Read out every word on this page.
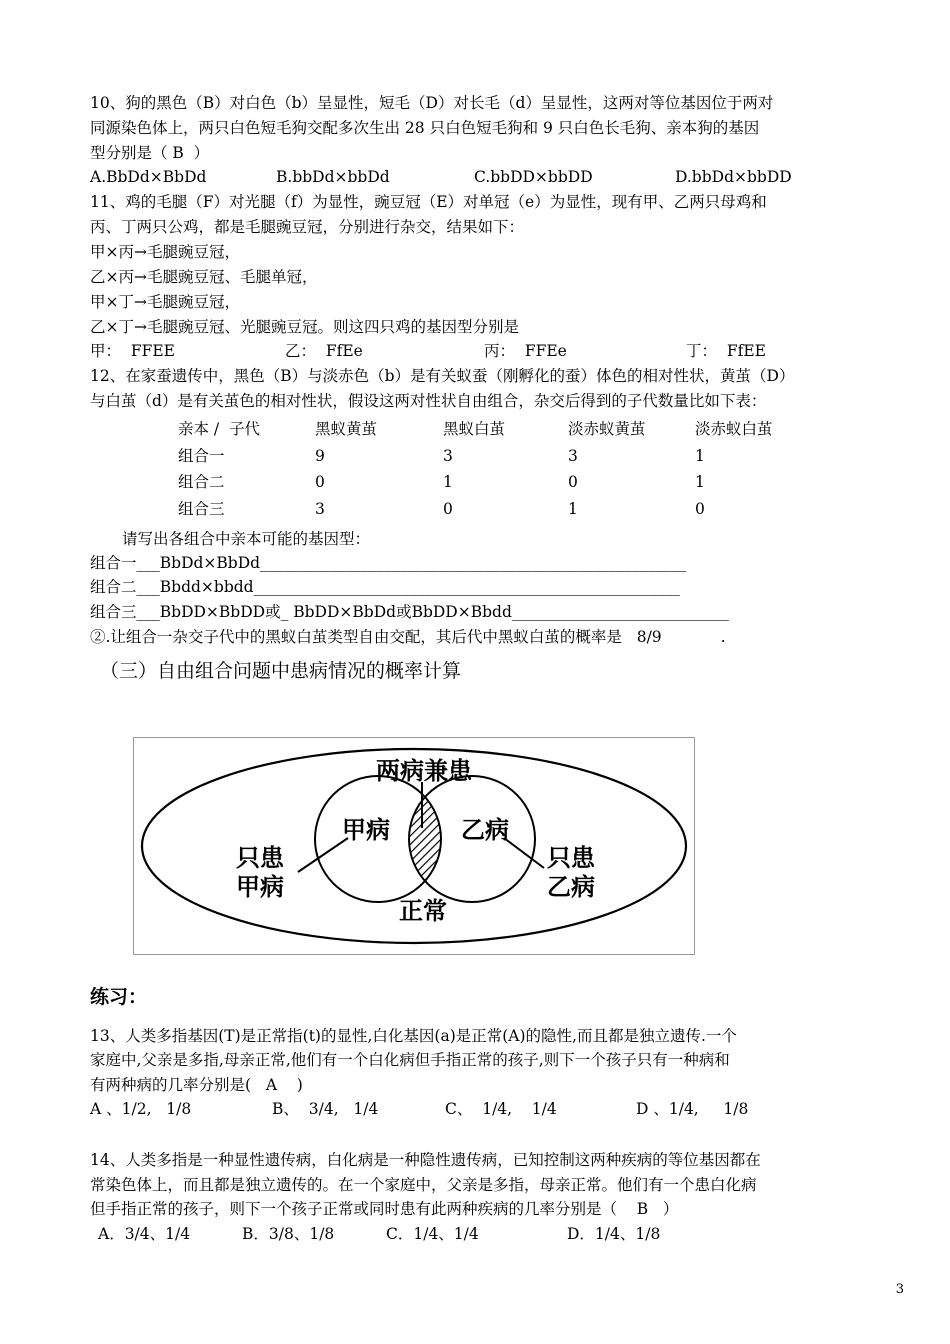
10、狗的黑色（B）对白色（b）呈显性，短毛（D）对长毛（d）呈显性，这两对等位基因位于两对
同源染色体上，两只白色短毛狗交配多次生出 28 只白色短毛狗和 9 只白色长毛狗、亲本狗的基因
型分别是（ B  ）
A.BbDd×BbDd	B.bbDd×bbDd	C.bbDD×bbDD	D.bbDd×bbDD
11、鸡的毛腿（F）对光腿（f）为显性，豌豆冠（E）对单冠（e）为显性，现有甲、乙两只母鸡和
丙、丁两只公鸡，都是毛腿豌豆冠，分别进行杂交，结果如下：
甲×丙→毛腿豌豆冠，
乙×丙→毛腿豌豆冠、毛腿单冠，
甲×丁→毛腿豌豆冠，
乙×丁→毛腿豌豆冠、光腿豌豆冠。则这四只鸡的基因型分别是
甲：  FFEE	乙：  FfEe	丙：  FFEe	丁：  FfEE
12、在家蚕遗传中，黑色（B）与淡赤色（b）是有关蚁蚕（刚孵化的蚕）体色的相对性状，黄茧（D）
与白茧（d）是有关茧色的相对性状，假设这两对性状自由组合，杂交后得到的子代数量比如下表：
亲本 /  子代	黑蚁黄茧	黑蚁白茧	淡赤蚁黄茧	淡赤蚁白茧
组合一	9	3	3	1
组合二	0	1	0	1
组合三	3	0	1	0
请写出各组合中亲本可能的基因型：
组合一___BbDd×BbDd_______________________________________________________
组合二___Bbdd×bbdd_______________________________________________________
组合三___BbDD×BbDD或_ BbDD×BbDd或BbDD×Bbdd____________________________
②.让组合一杂交子代中的黑蚁白茧类型自由交配，其后代中黑蚁白茧的概率是   8/9            .
（三）自由组合问题中患病情况的概率计算
两病兼患
甲病	乙病
只患
甲病
只患
乙病
正常
练习：
13、人类多指基因(T)是正常指(t)的显性,白化基因(a)是正常(A)的隐性,而且都是独立遗传.一个
家庭中,父亲是多指,母亲正常,他们有一个白化病但手指正常的孩子,则下一个孩子只有一种病和
有两种病的几率分别是(   A    )
A 、1/2,   1/8	B、  3/4,   1/4	C、  1/4,    1/4	D 、1/4,     1/8
14、人类多指是一种显性遗传病，白化病是一种隐性遗传病，已知控制这两种疾病的等位基因都在
常染色体上，而且都是独立遗传的。在一个家庭中，父亲是多指，母亲正常。他们有一个患白化病
但手指正常的孩子，则下一个孩子正常或同时患有此两种疾病的几率分别是（    B   ）
A．3/4、1/4	B．3/8、1/8	C．1/4、1/4	D．1/4、1/8
3
